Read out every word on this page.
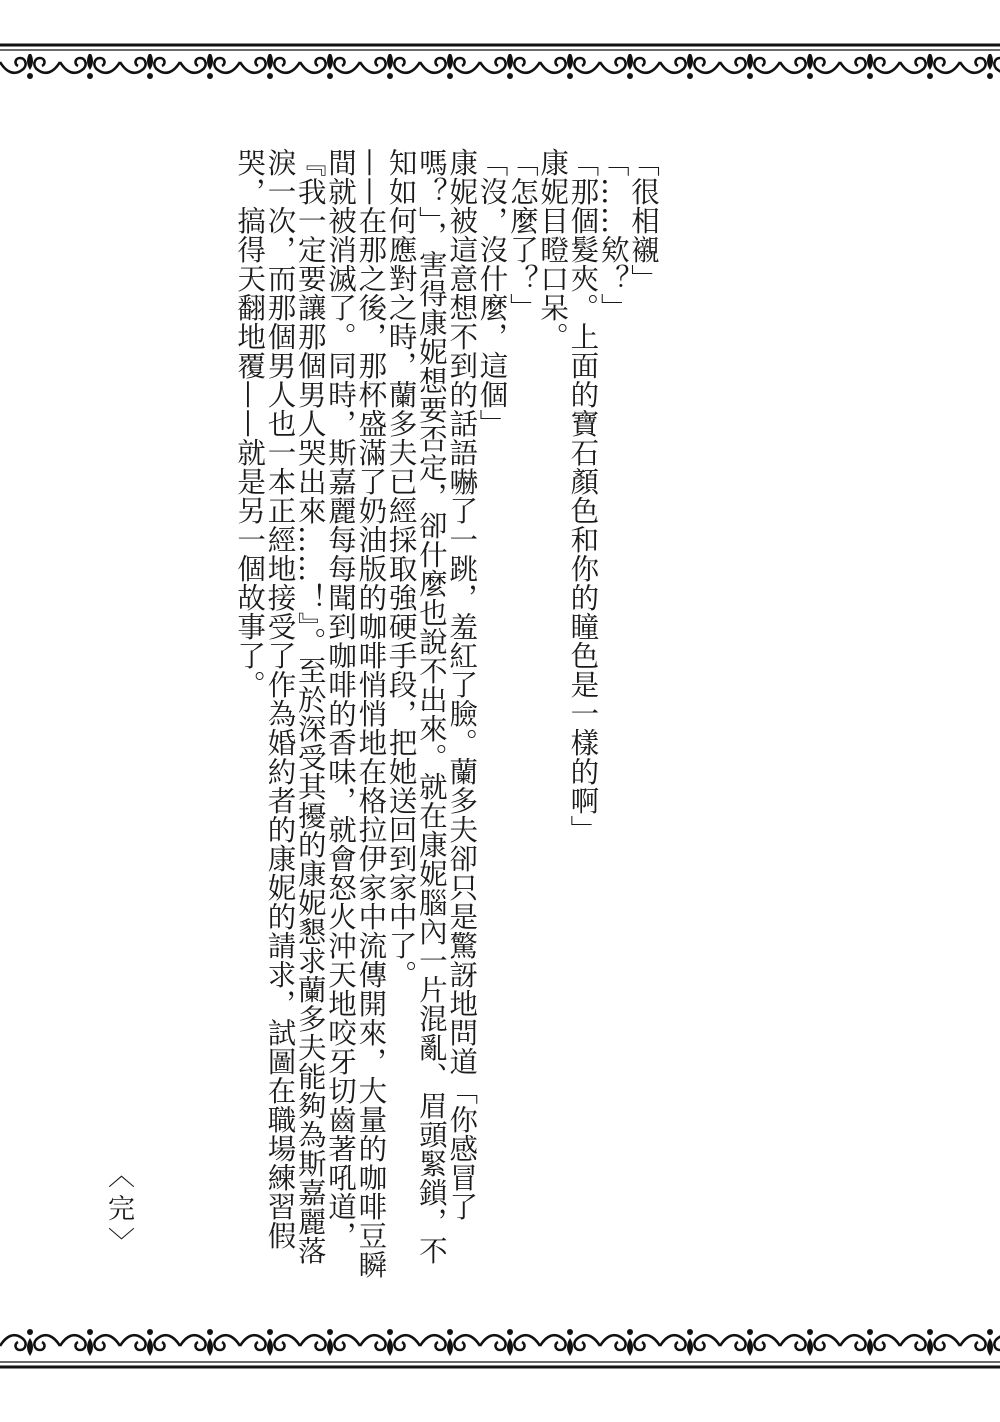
「很相襯」

「……欸？」

「那個髮夾。上面的寶石顏色和你的瞳色是一樣的啊」

康妮目瞪口呆。

「怎麼了？」

「沒，沒什麼，這個」

康妮被這意想不到的話語嚇了一跳，羞紅了臉。蘭多夫卻只是驚訝地問道「你感冒了嗎？」，害得康妮想要否定，卻什麼也說不出來。就在康妮腦內一片混亂、眉頭緊鎖，不知如何應對之時，蘭多夫已經採取強硬手段，把她送回到家中了。

——在那之後，那杯盛滿了奶油版的咖啡悄悄地在格拉伊家中流傳開來，大量的咖啡豆瞬間就被消滅了。同時，斯嘉麗每每聞到咖啡的香味，就會怒火沖天地咬牙切齒著吼道，『我一定要讓那個男人哭出來……！』。至於深受其擾的康妮懇求蘭多夫能夠為斯嘉麗落淚一次，而那個男人也一本正經地接受了作為婚約者的康妮的請求，試圖在職場練習假哭，搞得天翻地覆——就是另一個故事了。

︿完﹀
